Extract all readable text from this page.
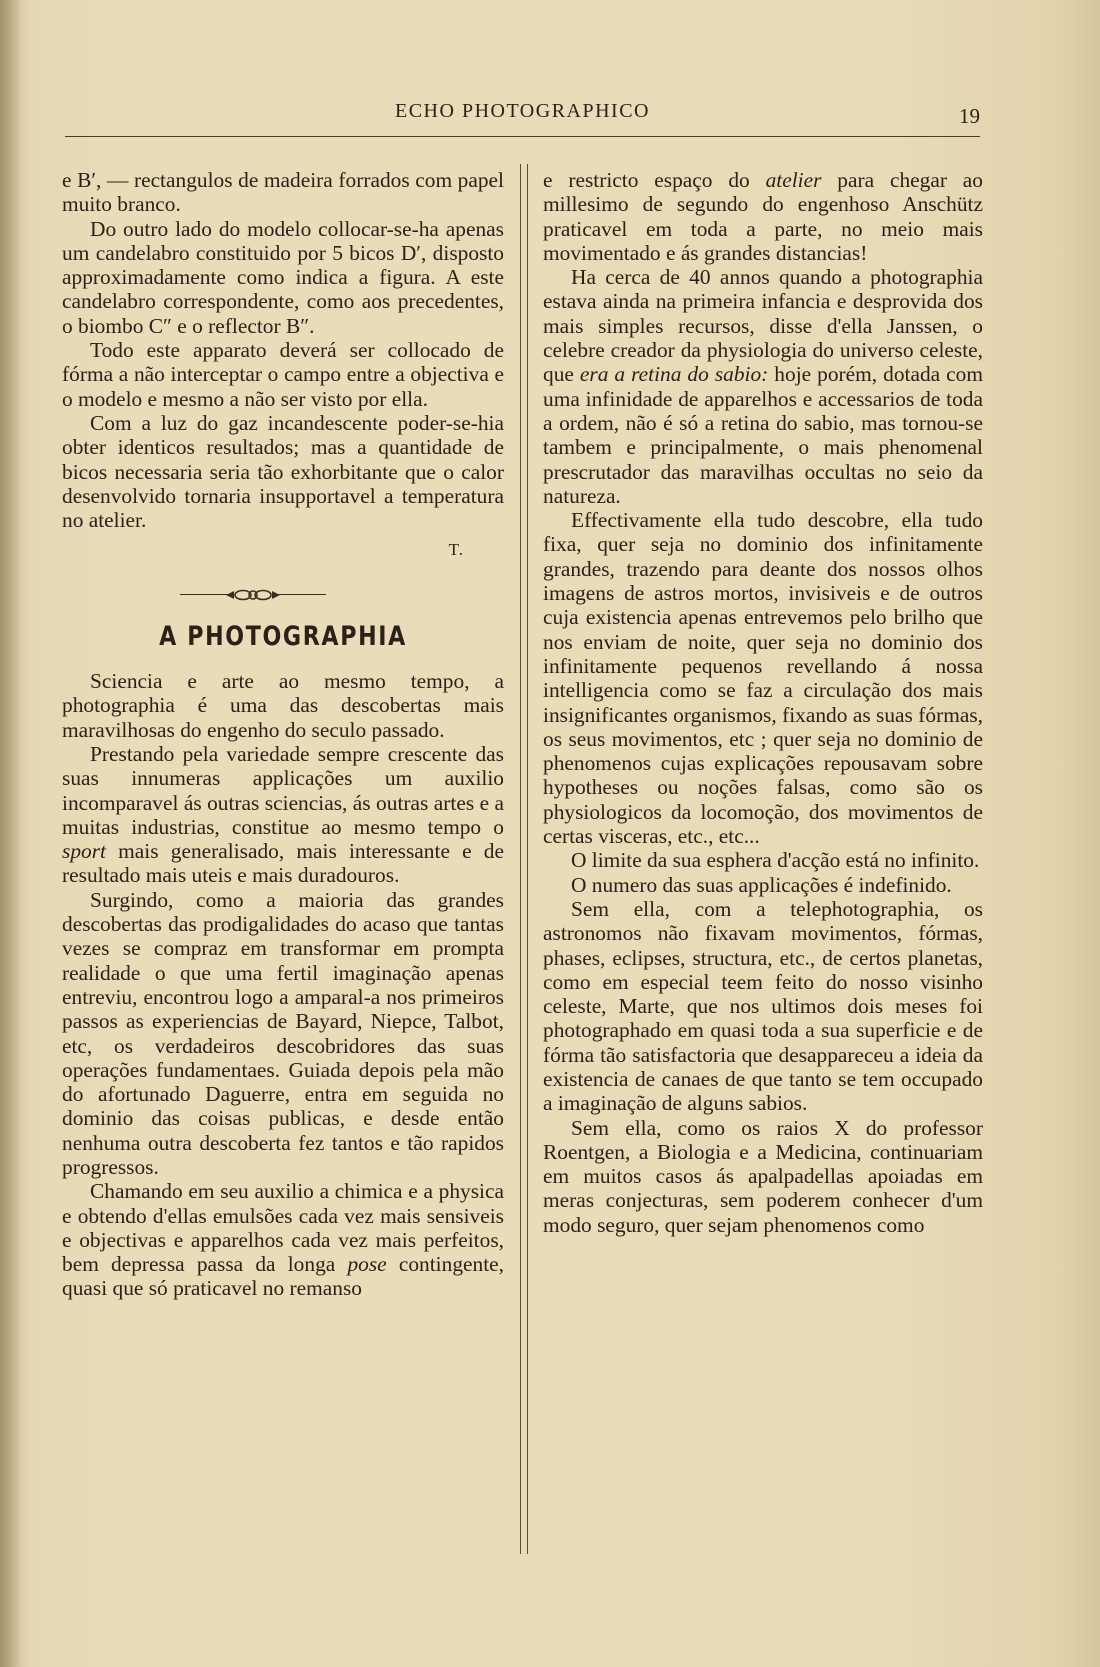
ECHO PHOTOGRAPHICO	19

e B′, — rectangulos de madeira forrados com papel muito branco.

Do outro lado do modelo collocar-se-ha apenas um candelabro constituido por 5 bicos D′, disposto approximadamente como indica a figura. A este candelabro correspondente, como aos precedentes, o biombo C″ e o reflector B″.

Todo este apparato deverá ser collocado de fórma a não interceptar o campo entre a objectiva e o modelo e mesmo a não ser visto por ella.

Com a luz do gaz incandescente poder-se-hia obter identicos resultados; mas a quantidade de bicos necessaria seria tão exhorbitante que o calor desenvolvido tornaria insupportavel a temperatura no atelier.

T.
A PHOTOGRAPHIA

Sciencia e arte ao mesmo tempo, a photographia é uma das descobertas mais maravilhosas do engenho do seculo passado.

Prestando pela variedade sempre crescente das suas innumeras applicações um auxilio incomparavel ás outras sciencias, ás outras artes e a muitas industrias, constitue ao mesmo tempo o sport mais generalisado, mais interessante e de resultado mais uteis e mais duradouros.

Surgindo, como a maioria das grandes descobertas das prodigalidades do acaso que tantas vezes se compraz em transformar em prompta realidade o que uma fertil imaginação apenas entreviu, encontrou logo a amparal-a nos primeiros passos as experiencias de Bayard, Niepce, Talbot, etc, os verdadeiros descobridores das suas operações fundamentaes. Guiada depois pela mão do afortunado Daguerre, entra em seguida no dominio das coisas publicas, e desde então nenhuma outra descoberta fez tantos e tão rapidos progressos.

Chamando em seu auxilio a chimica e a physica e obtendo d'ellas emulsões cada vez mais sensiveis e objectivas e apparelhos cada vez mais perfeitos, bem depressa passa da longa pose contingente, quasi que só praticavel no remanso

e restricto espaço do atelier para chegar ao millesimo de segundo do engenhoso Anschütz praticavel em toda a parte, no meio mais movimentado e ás grandes distancias!

Ha cerca de 40 annos quando a photographia estava ainda na primeira infancia e desprovida dos mais simples recursos, disse d'ella Janssen, o celebre creador da physiologia do universo celeste, que era a retina do sabio: hoje porém, dotada com uma infinidade de apparelhos e accessarios de toda a ordem, não é só a retina do sabio, mas tornou-se tambem e principalmente, o mais phenomenal prescrutador das maravilhas occultas no seio da natureza.

Effectivamente ella tudo descobre, ella tudo fixa, quer seja no dominio dos infinitamente grandes, trazendo para deante dos nossos olhos imagens de astros mortos, invisiveis e de outros cuja existencia apenas entrevemos pelo brilho que nos enviam de noite, quer seja no dominio dos infinitamente pequenos revellando á nossa intelligencia como se faz a circulação dos mais insignificantes organismos, fixando as suas fórmas, os seus movimentos, etc ; quer seja no dominio de phenomenos cujas explicações repousavam sobre hypotheses ou noções falsas, como são os physiologicos da locomoção, dos movimentos de certas visceras, etc., etc...

O limite da sua esphera d'acção está no infinito.

O numero das suas applicações é indefinido.

Sem ella, com a telephotographia, os astronomos não fixavam movimentos, fórmas, phases, eclipses, structura, etc., de certos planetas, como em especial teem feito do nosso visinho celeste, Marte, que nos ultimos dois meses foi photographado em quasi toda a sua superficie e de fórma tão satisfactoria que desappareceu a ideia da existencia de canaes de que tanto se tem occupado a imaginação de alguns sabios.

Sem ella, como os raios X do professor Roentgen, a Biologia e a Medicina, continuariam em muitos casos ás apalpadellas apoiadas em meras conjecturas, sem poderem conhecer d'um modo seguro, quer sejam phenomenos como
